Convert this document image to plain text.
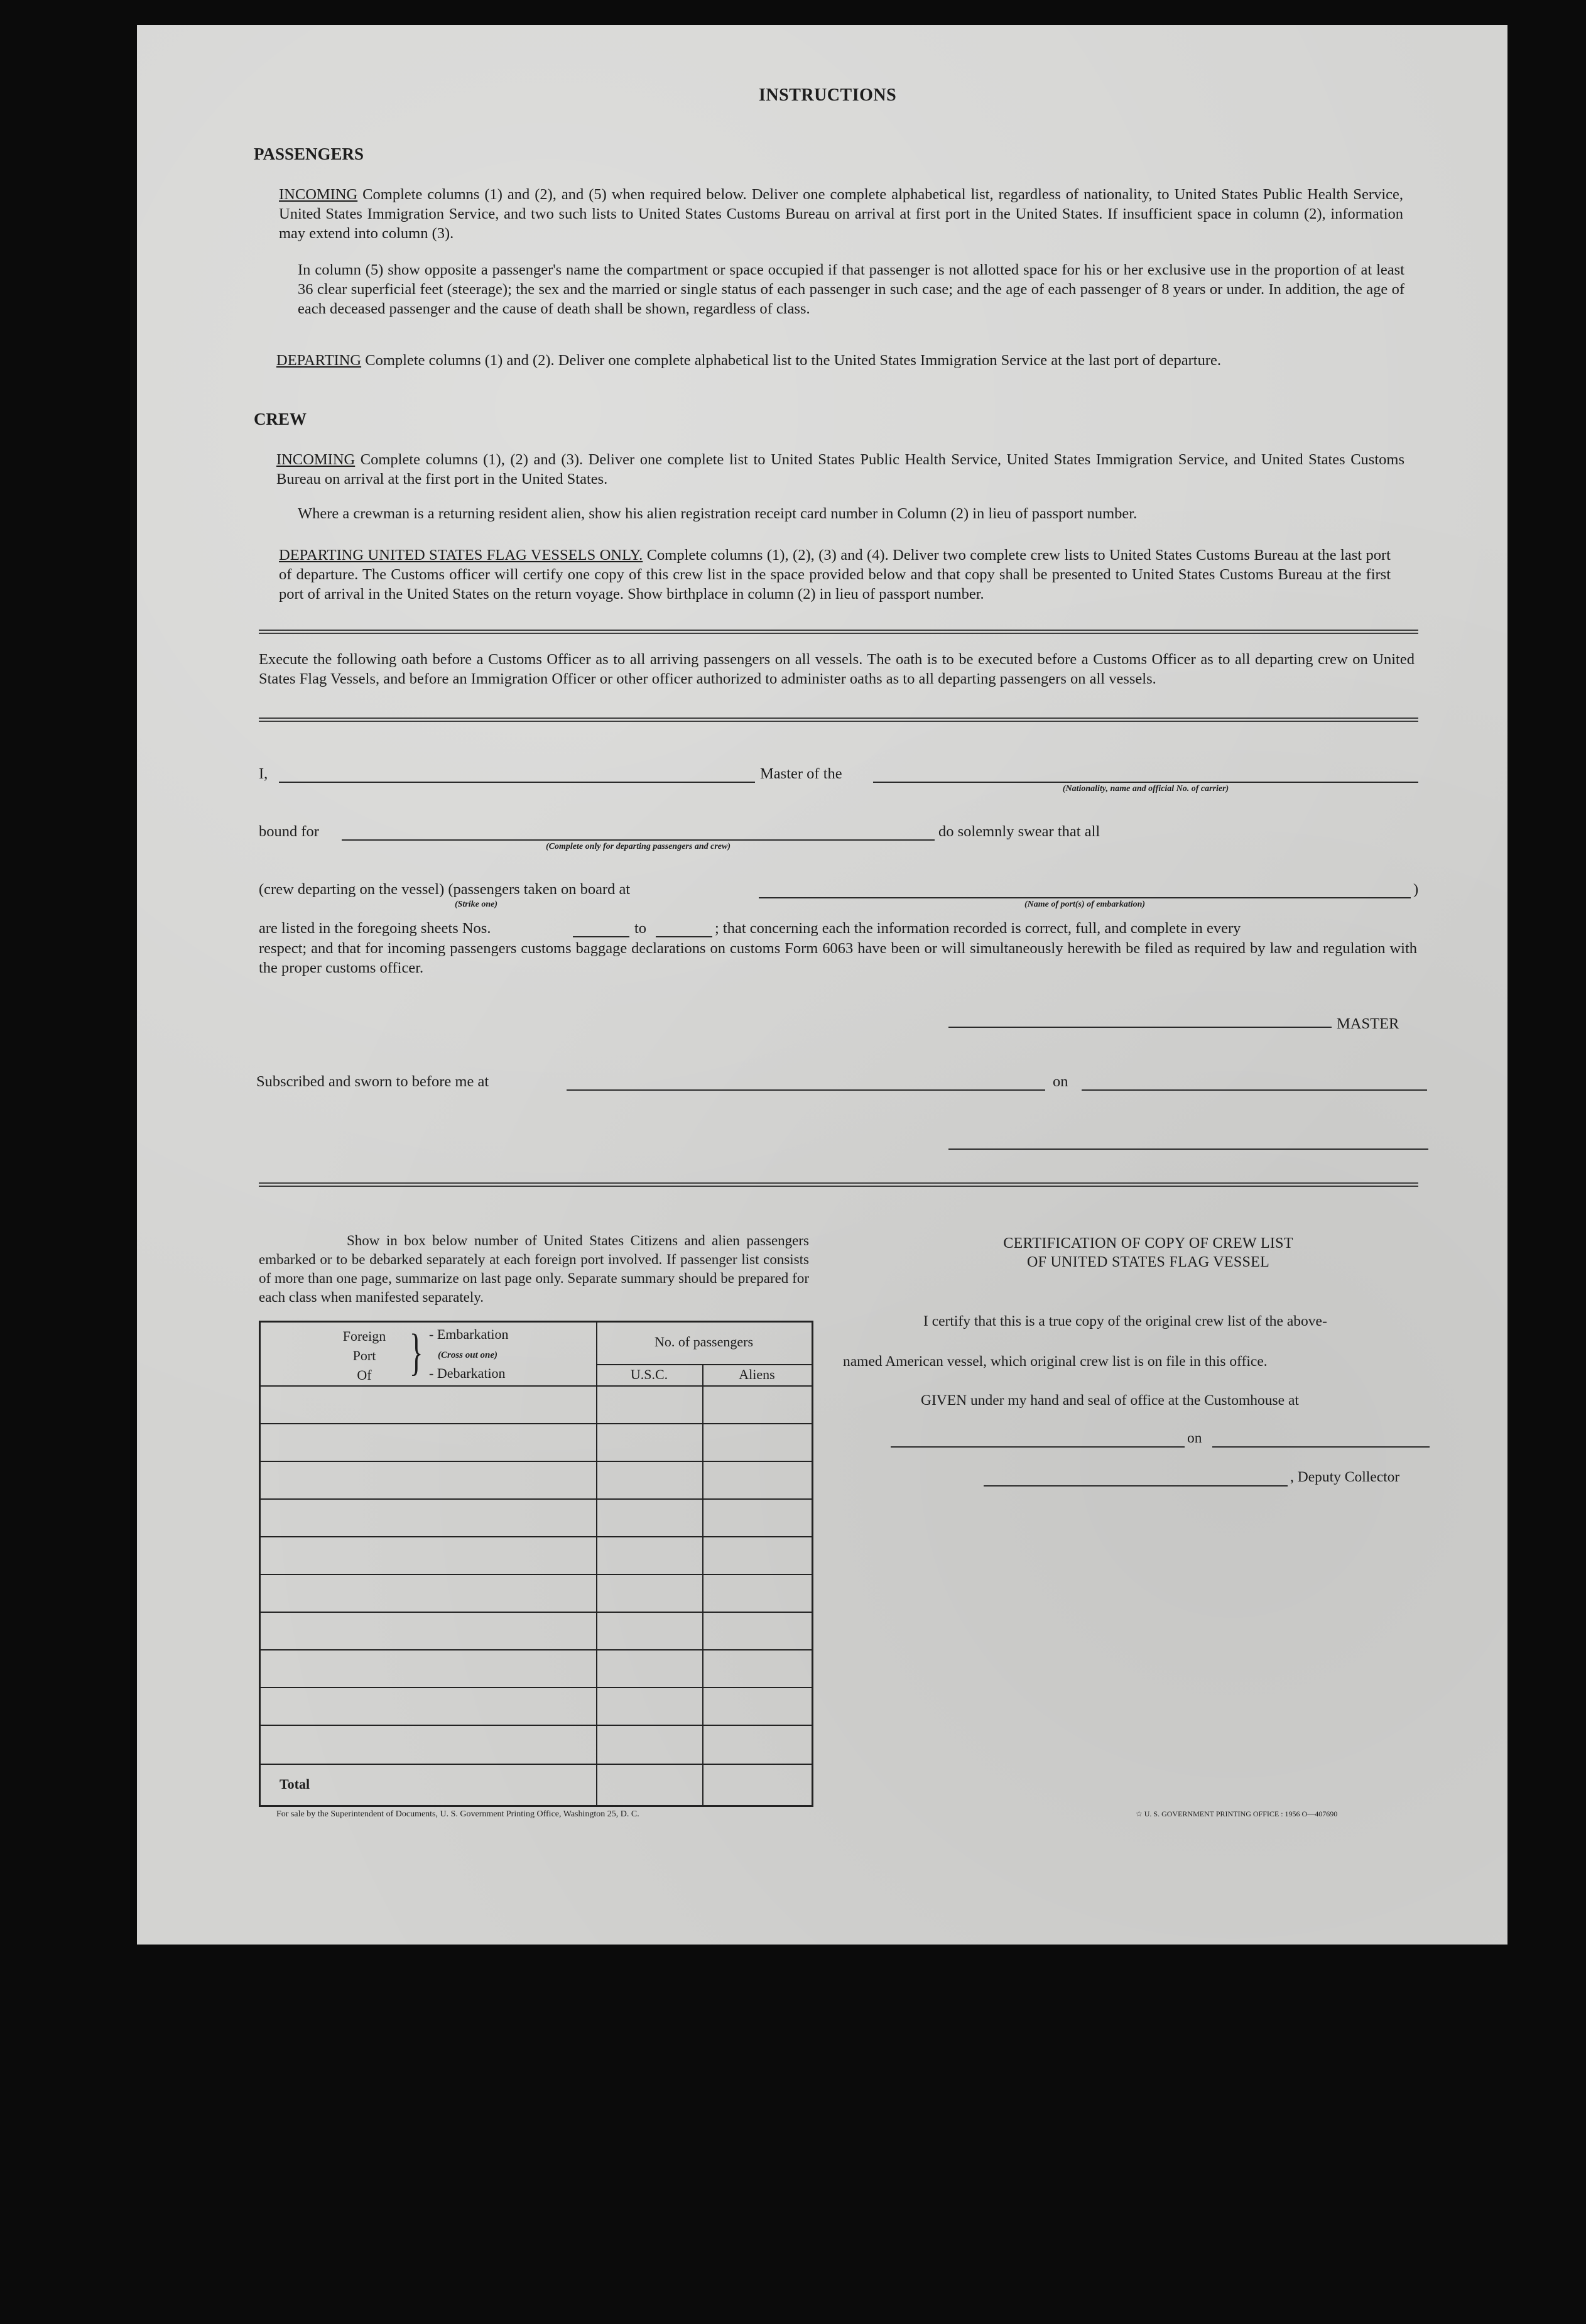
INSTRUCTIONS
PASSENGERS
INCOMING Complete columns (1) and (2), and (5) when required below. Deliver one complete alphabetical list, regardless of nationality, to United States Public Health Service, United States Immigration Service, and two such lists to United States Customs Bureau on arrival at first port in the United States. If insufficient space in column (2), information may extend into column (3).
In column (5) show opposite a passenger's name the compartment or space occupied if that passenger is not allotted space for his or her exclusive use in the proportion of at least 36 clear superficial feet (steerage); the sex and the married or single status of each passenger in such case; and the age of each passenger of 8 years or under. In addition, the age of each deceased passenger and the cause of death shall be shown, regardless of class.
DEPARTING Complete columns (1) and (2). Deliver one complete alphabetical list to the United States Immigration Service at the last port of departure.
CREW
INCOMING Complete columns (1), (2) and (3). Deliver one complete list to United States Public Health Service, United States Immigration Service, and United States Customs Bureau on arrival at the first port in the United States.
Where a crewman is a returning resident alien, show his alien registration receipt card number in Column (2) in lieu of passport number.
DEPARTING UNITED STATES FLAG VESSELS ONLY. Complete columns (1), (2), (3) and (4). Deliver two complete crew lists to United States Customs Bureau at the last port of departure. The Customs officer will certify one copy of this crew list in the space provided below and that copy shall be presented to United States Customs Bureau at the first port of arrival in the United States on the return voyage. Show birthplace in column (2) in lieu of passport number.
Execute the following oath before a Customs Officer as to all arriving passengers on all vessels. The oath is to be executed before a Customs Officer as to all departing crew on United States Flag Vessels, and before an Immigration Officer or other officer authorized to administer oaths as to all departing passengers on all vessels.
I,	Master of the
(Nationality, name and official No. of carrier)
bound for
(Complete only for departing passengers and crew)
do solemnly swear that all
(crew departing on the vessel) (passengers taken on board at
(Strike one)	(Name of port(s) of embarkation)
)
are listed in the foregoing sheets Nos.	to	; that concerning each the information recorded is correct, full, and complete in every
respect; and that for incoming passengers customs baggage declarations on customs Form 6063 have been or will simultaneously herewith be filed as required by law and regulation with the proper customs officer.
MASTER
Subscribed and sworn to before me at	on
Show in box below number of United States Citizens and alien passengers embarked or to be debarked separately at each foreign port involved. If passenger list consists of more than one page, summarize on last page only. Separate summary should be prepared for each class when manifested separately.
Foreign
Port
Of } - Embarkation
(Cross out one)
- Debarkation
No. of passengers
U.S.C.	Aliens
Total
CERTIFICATION OF COPY OF CREW LIST
OF UNITED STATES FLAG VESSEL
I certify that this is a true copy of the original crew list of the above-
named American vessel, which original crew list is on file in this office.
GIVEN under my hand and seal of office at the Customhouse at
on
, Deputy Collector
For sale by the Superintendent of Documents, U. S. Government Printing Office, Washington 25, D. C.	☆ U. S. GOVERNMENT PRINTING OFFICE : 1956 O—407690
